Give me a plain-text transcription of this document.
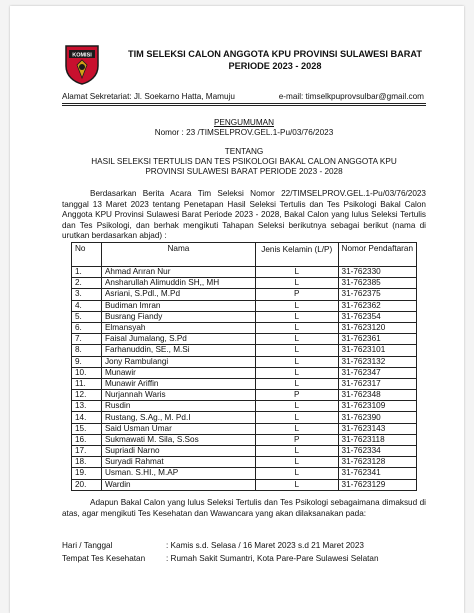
KOMISI	TIM SELEKSI CALON ANGGOTA KPU PROVINSI SULAWESI BARAT
PERIODE 2023 - 2028
Alamat Sekretariat: Jl. Soekarno Hatta, Mamuju	e-mail: timselkpuprovsulbar@gmail.com
PENGUMUMAN
Nomor : 23 /TIMSELPROV.GEL.1-Pu/03/76/2023
TENTANG
HASIL SELEKSI TERTULIS DAN TES PSIKOLOGI BAKAL CALON ANGGOTA KPU
PROVINSI SULAWESI BARAT PERIODE 2023 - 2028
Berdasarkan Berita Acara Tim Seleksi Nomor 22/TIMSELPROV.GEL.1-Pu/03/76/2023 tanggal 13 Maret 2023 tentang Penetapan Hasil Seleksi Tertulis dan Tes Psikologi Bakal Calon Anggota KPU Provinsi Sulawesi Barat Periode 2023 - 2028, Bakal Calon yang lulus Seleksi Tertulis dan Tes Psikologi, dan berhak mengikuti Tahapan Seleksi berikutnya sebagai berikut (nama di urutkan berdasarkan abjad) :
No	Nama	Jenis Kelamin (L/P)	Nomor Pendaftaran
1.	Ahmad Arıran Nur	L	31-762330
2.	Ansharullah Alimuddin SH,, MH	L	31-762385
3.	Asriani, S.Pdl., M.Pd	P	31-762375
4.	Budiman Imran	L	31-762362
5.	Busrang Fiandy	L	31-762354
6.	Elmansyah	L	31-7623120
7.	Faisal Jumalang, S.Pd	L	31-762361
8.	Farhanuddin, SE., M.Si	L	31-7623101
9.	Jony Rambulangi	L	31-7623132
10.	Munawir	L	31-762347
11.	Munawir Ariffin	L	31-762317
12.	Nurjannah Waris	P	31-762348
13.	Rusdin	L	31-7623109
14.	Rustang, S.Ag., M. Pd.I	L	31-762390
15.	Said Usman Umar	L	31-7623143
16.	Sukmawati M. Sila, S.Sos	P	31-7623118
17.	Supriadi Narno	L	31-762334
18.	Suryadi Rahmat	L	31-7623128
19.	Usman. S.HI., M.AP	L	31-762341
20.	Wardin	L	31-7623129
Adapun Bakal Calon yang lulus Seleksi Tertulis dan Tes Psikologi sebagaimana dimaksud di atas, agar mengikuti Tes Kesehatan dan Wawancara yang akan dilaksanakan pada:
Hari / Tanggal	: Kamis s.d. Selasa / 16 Maret 2023 s.d 21 Maret 2023
Tempat Tes Kesehatan	: Rumah Sakit Sumantri, Kota Pare-Pare Sulawesi Selatan
